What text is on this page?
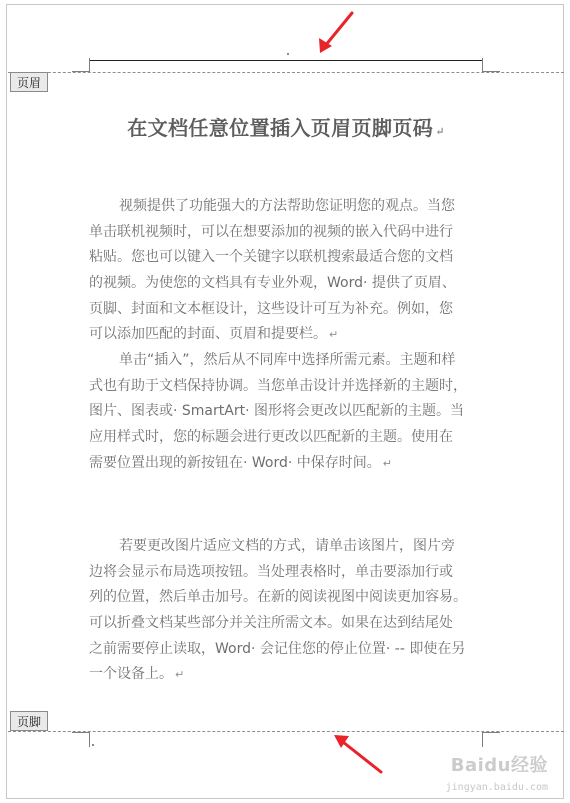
页眉
在文档任意位置插入页眉页脚页码 ↵
视频提供了功能强大的方法帮助您证明您的观点。当您
单击联机视频时，可以在想要添加的视频的嵌入代码中进行
粘贴。您也可以键入一个关键字以联机搜索最适合您的文档
的视频。为使您的文档具有专业外观，Word· 提供了页眉、
页脚、封面和文本框设计，这些设计可互为补充。例如，您
可以添加匹配的封面、页眉和提要栏。 ↵
单击“插入”，然后从不同库中选择所需元素。主题和样
式也有助于文档保持协调。当您单击设计并选择新的主题时，
图片、图表或· SmartArt· 图形将会更改以匹配新的主题。当
应用样式时，您的标题会进行更改以匹配新的主题。使用在
需要位置出现的新按钮在· Word· 中保存时间。 ↵
若要更改图片适应文档的方式，请单击该图片，图片旁
边将会显示布局选项按钮。当处理表格时，单击要添加行或
列的位置，然后单击加号。在新的阅读视图中阅读更加容易。
可以折叠文档某些部分并关注所需文本。如果在达到结尾处
之前需要停止读取，Word· 会记住您的停止位置· -- 即使在另
一个设备上。 ↵
页脚
Baidu经验
jingyan.baidu.com
